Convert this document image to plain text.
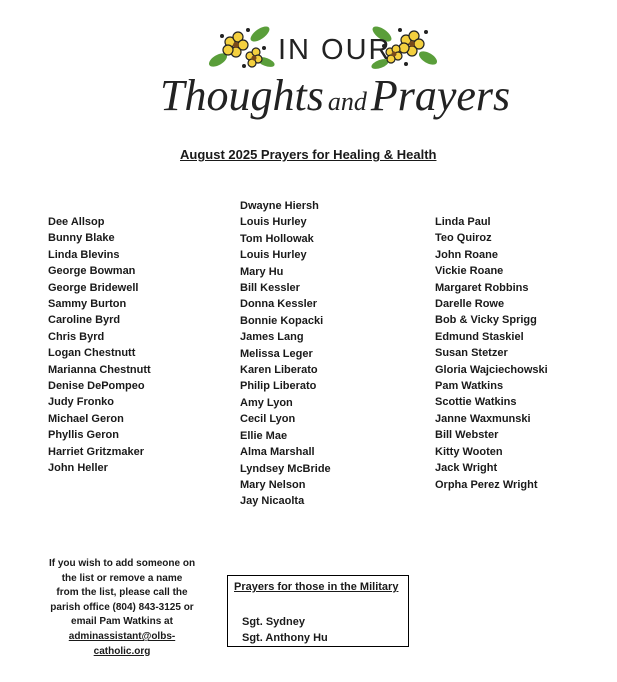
IN OUR
Thoughts and Prayers
August 2025 Prayers for Healing & Health
Dee Allsop
Bunny Blake
Linda Blevins
George Bowman
George Bridewell
Sammy Burton
Caroline Byrd
Chris Byrd
Logan Chestnutt
Marianna Chestnutt
Denise DePompeo
Judy Fronko
Michael Geron
Phyllis Geron
Harriet Gritzmaker
John Heller
Dwayne Hiersh
Louis Hurley
Tom Hollowak
Louis Hurley
Mary Hu
Bill Kessler
Donna Kessler
Bonnie Kopacki
James Lang
Melissa Leger
Karen Liberato
Philip Liberato
Amy Lyon
Cecil Lyon
Ellie Mae
Alma Marshall
Lyndsey McBride
Mary Nelson
Jay Nicaolta
Linda Paul
Teo Quiroz
John Roane
Vickie Roane
Margaret Robbins
Darelle Rowe
Bob & Vicky Sprigg
Edmund Staskiel
Susan Stetzer
Gloria Wajciechowski
Pam Watkins
Scottie Watkins
Janne Waxmunski
Bill Webster
Kitty Wooten
Jack Wright
Orpha Perez Wright
If you wish to add someone on
the list or remove a name
from the list, please call the
parish office (804) 843-3125 or
email Pam Watkins at
adminassistant@olbs-
catholic.org
Prayers for those in the Military
Sgt. Sydney
Sgt. Anthony Hu
